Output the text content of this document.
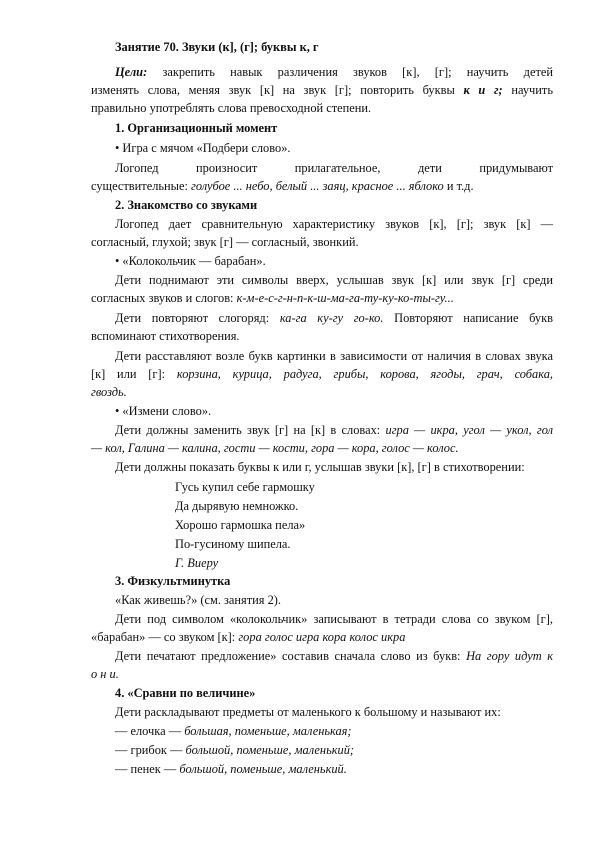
Занятие 70. Звуки (к], (г]; буквы к, г
Цели: закрепить навык различения звуков [к], [г]; научить детей
изменять слова, меняя звук [к] на звук [г]; повторить буквы к и г; научить
правильно употреблять слова превосходной степени.
1. Организационный момент
• Игра с мячом «Подбери слово».
Логопед произносит прилагательное, дети придумывают
существительные: голубое ... небо, белый ... заяц, красное ... яблоко и т.д.
2. Знакомство со звуками
Логопед дает сравнительную характеристику звуков [к], [г]; звук [к] —
согласный, глухой; звук [г] — согласный, звонкий.
• «Колокольчик — барабан».
Дети поднимают эти символы вверх, услышав звук [к] или звук [г] среди
согласных звуков и слогов: к-м-е-с-г-н-п-к-ш-ма-га-ту-ку-ко-ты-гу...
Дети повторяют слогоряд: ка-га ку-гу го-ко. Повторяют написание букв
вспоминают стихотворения.
Дети расставляют возле букв картинки в зависимости от наличия в словах звука
[к] или [г]: корзина, курица, радуга, грибы, корова, ягоды, грач, собака,
гвоздь.
• «Измени слово».
Дети должны заменить звук [г] на [к] в словах: игра — икра, угол — укол, гол
— кол, Галина — калина, гости — кости, гора — кора, голос — колос.
Дети должны показать буквы к или г, услышав звуки [к], [г] в стихотворении:
Гусь купил себе гармошку
Да дырявую немножко.
Хорошо гармошка пела»
По-гусиному шипела.
Г. Виеру
3. Физкультминутка
«Как живешь?» (см. занятия 2).
Дети под символом «колокольчик» записывают в тетради слова со звуком [г],
«барабан» — со звуком [к]: гора голос игра кора колос икра
Дети печатают предложение» составив сначала слово из букв: На гору идут к
о н и.
4. «Сравни по величине»
Дети раскладывают предметы от маленького к большому и называют их:
— елочка — большая, поменьше, маленькая;
— грибок — большой, поменьше, маленький;
— пенек — большой, поменьше, маленький.
